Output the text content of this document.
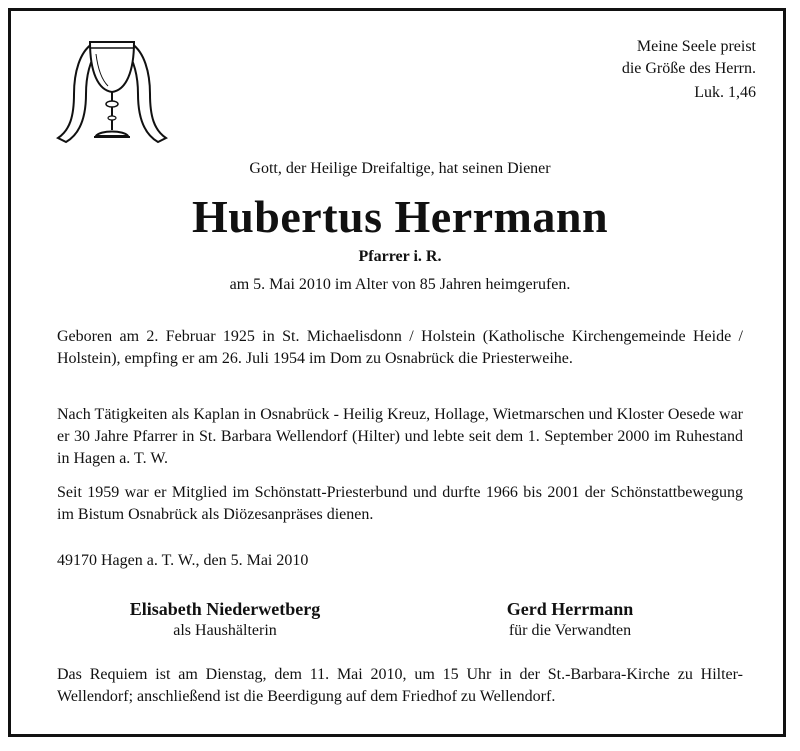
Meine Seele preist
die Größe des Herrn.
Luk. 1,46
Gott, der Heilige Dreifaltige, hat seinen Diener
Hubertus Herrmann
Pfarrer i. R.
am 5. Mai 2010 im Alter von 85 Jahren heimgerufen.
Geboren am 2. Februar 1925 in St. Michaelisdonn / Holstein (Katholische Kirchengemeinde Heide / Holstein), empfing er am 26. Juli 1954 im Dom zu Osnabrück die Priesterweihe.
Nach Tätigkeiten als Kaplan in Osnabrück - Heilig Kreuz, Hollage, Wietmarschen und Kloster Oesede war er 30 Jahre Pfarrer in St. Barbara Wellendorf (Hilter) und lebte seit dem 1. September 2000 im Ruhestand in Hagen a. T. W.
Seit 1959 war er Mitglied im Schönstatt-Priesterbund und durfte 1966 bis 2001 der Schönstattbewegung im Bistum Osnabrück als Diözesanpräses dienen.
49170 Hagen a. T. W., den 5. Mai 2010
Elisabeth Niederwetberg
als Haushälterin
Gerd Herrmann
für die Verwandten
Das Requiem ist am Dienstag, dem 11. Mai 2010, um 15 Uhr in der St.-Barbara-Kirche zu Hilter-Wellendorf; anschließend ist die Beerdigung auf dem Friedhof zu Wellendorf.
